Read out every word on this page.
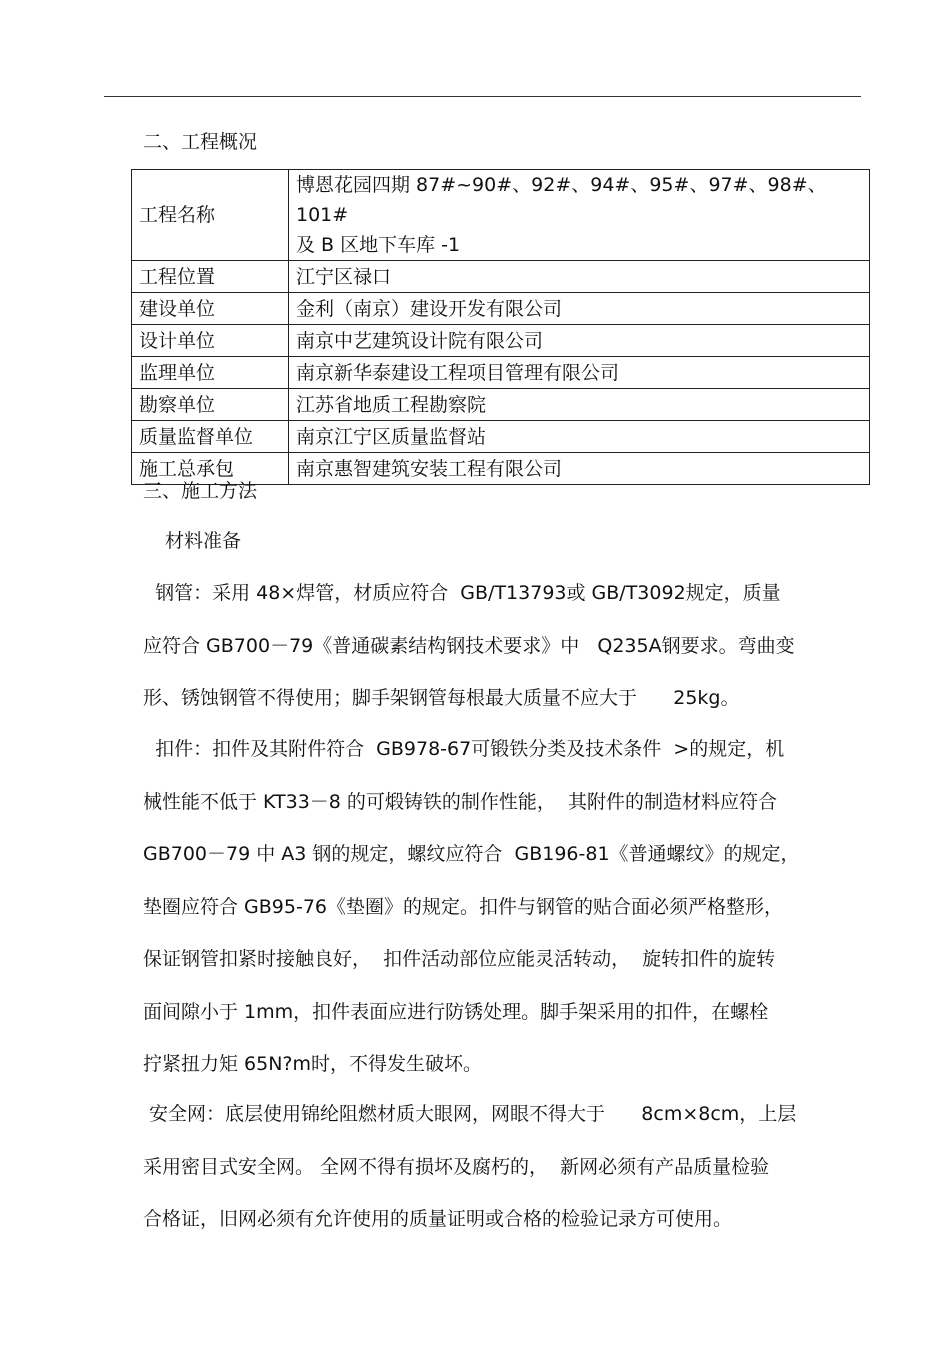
二、工程概况
工程名称	博恩花园四期 87#~90#、92#、94#、95#、97#、98#、101#
及 B 区地下车库 -1

工程位置	江宁区禄口
建设单位	金利（南京）建设开发有限公司
设计单位	南京中艺建筑设计院有限公司
监理单位	南京新华泰建设工程项目管理有限公司
勘察单位	江苏省地质工程勘察院
质量监督单位	南京江宁区质量监督站
施工总承包	南京惠智建筑安装工程有限公司
三、施工方法
材料准备
钢管：采用 48×焊管，材质应符合  GB/T13793或 GB/T3092规定，质量
应符合 GB700－79《普通碳素结构钢技术要求》中   Q235A钢要求。弯曲变
形、锈蚀钢管不得使用；脚手架钢管每根最大质量不应大于      25kg。
扣件：扣件及其附件符合  GB978-67可锻铁分类及技术条件  >的规定，机
械性能不低于 KT33－8 的可煅铸铁的制作性能，  其附件的制造材料应符合
GB700－79 中 A3 钢的规定，螺纹应符合  GB196-81《普通螺纹》的规定，
垫圈应符合 GB95-76《垫圈》的规定。扣件与钢管的贴合面必须严格整形，
保证钢管扣紧时接触良好，  扣件活动部位应能灵活转动，  旋转扣件的旋转
面间隙小于 1mm，扣件表面应进行防锈处理。脚手架采用的扣件，在螺栓
拧紧扭力矩 65N?m时，不得发生破坏。
安全网：底层使用锦纶阻燃材质大眼网，网眼不得大于      8cm×8cm，上层
采用密目式安全网。 全网不得有损坏及腐朽的，  新网必须有产品质量检验
合格证，旧网必须有允许使用的质量证明或合格的检验记录方可使用。
